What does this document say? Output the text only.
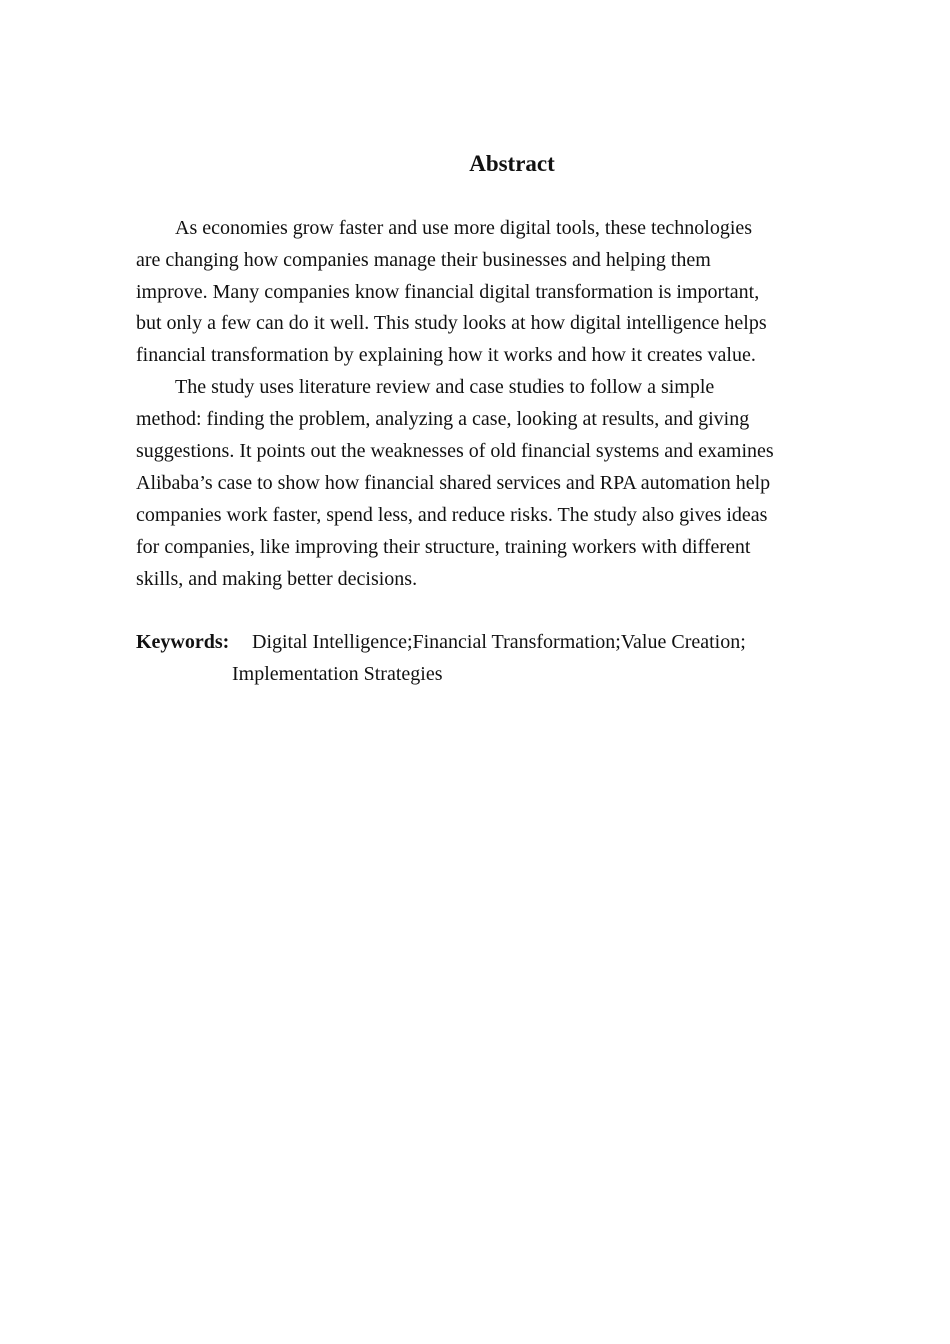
Abstract
As economies grow faster and use more digital tools, these technologies
are changing how companies manage their businesses and helping them
improve. Many companies know financial digital transformation is important,
but only a few can do it well. This study looks at how digital intelligence helps
financial transformation by explaining how it works and how it creates value.
The study uses literature review and case studies to follow a simple
method: finding the problem, analyzing a case, looking at results, and giving
suggestions. It points out the weaknesses of old financial systems and examines
Alibaba’s case to show how financial shared services and RPA automation help
companies work faster, spend less, and reduce risks. The study also gives ideas
for companies, like improving their structure, training workers with different
skills, and making better decisions.
Keywords: Digital Intelligence;Financial Transformation;Value Creation;
Implementation Strategies
